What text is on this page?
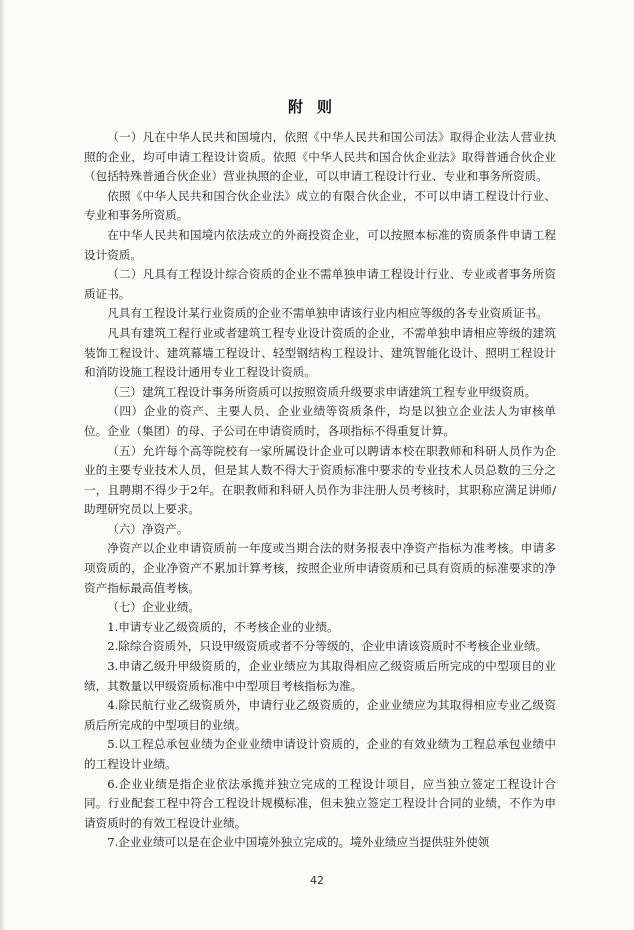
附则

（一）凡在中华人民共和国境内，依照《中华人民共和国公司法》取得企业法人营业执照的企业，均可申请工程设计资质。依照《中华人民共和国合伙企业法》取得普通合伙企业（包括特殊普通合伙企业）营业执照的企业，可以申请工程设计行业、专业和事务所资质。

依照《中华人民共和国合伙企业法》成立的有限合伙企业，不可以申请工程设计行业、专业和事务所资质。

在中华人民共和国境内依法成立的外商投资企业，可以按照本标准的资质条件申请工程设计资质。

（二）凡具有工程设计综合资质的企业不需单独申请工程设计行业、专业或者事务所资质证书。

凡具有工程设计某行业资质的企业不需单独申请该行业内相应等级的各专业资质证书。

凡具有建筑工程行业或者建筑工程专业设计资质的企业，不需单独申请相应等级的建筑装饰工程设计、建筑幕墙工程设计、轻型钢结构工程设计、建筑智能化设计、照明工程设计和消防设施工程设计通用专业工程设计资质。

（三）建筑工程设计事务所资质可以按照资质升级要求申请建筑工程专业甲级资质。

（四）企业的资产、主要人员、企业业绩等资质条件，均是以独立企业法人为审核单位。企业（集团）的母、子公司在申请资质时，各项指标不得重复计算。

（五）允许每个高等院校有一家所属设计企业可以聘请本校在职教师和科研人员作为企业的主要专业技术人员，但是其人数不得大于资质标准中要求的专业技术人员总数的三分之一，且聘期不得少于2年。在职教师和科研人员作为非注册人员考核时，其职称应满足讲师/助理研究员以上要求。

（六）净资产。

净资产以企业申请资质前一年度或当期合法的财务报表中净资产指标为准考核。申请多项资质的，企业净资产不累加计算考核，按照企业所申请资质和已具有资质的标准要求的净资产指标最高值考核。

（七）企业业绩。

1.申请专业乙级资质的，不考核企业的业绩。

2.除综合资质外，只设甲级资质或者不分等级的，企业申请该资质时不考核企业业绩。

3.申请乙级升甲级资质的，企业业绩应为其取得相应乙级资质后所完成的中型项目的业绩，其数量以甲级资质标准中中型项目考核指标为准。

4.除民航行业乙级资质外，申请行业乙级资质的，企业业绩应为其取得相应专业乙级资质后所完成的中型项目的业绩。

5.以工程总承包业绩为企业业绩申请设计资质的，企业的有效业绩为工程总承包业绩中的工程设计业绩。

6.企业业绩是指企业依法承揽并独立完成的工程设计项目，应当独立签定工程设计合同。行业配套工程中符合工程设计规模标准，但未独立签定工程设计合同的业绩，不作为申请资质时的有效工程设计业绩。

7.企业业绩可以是在企业中国境外独立完成的。境外业绩应当提供驻外使领

42
